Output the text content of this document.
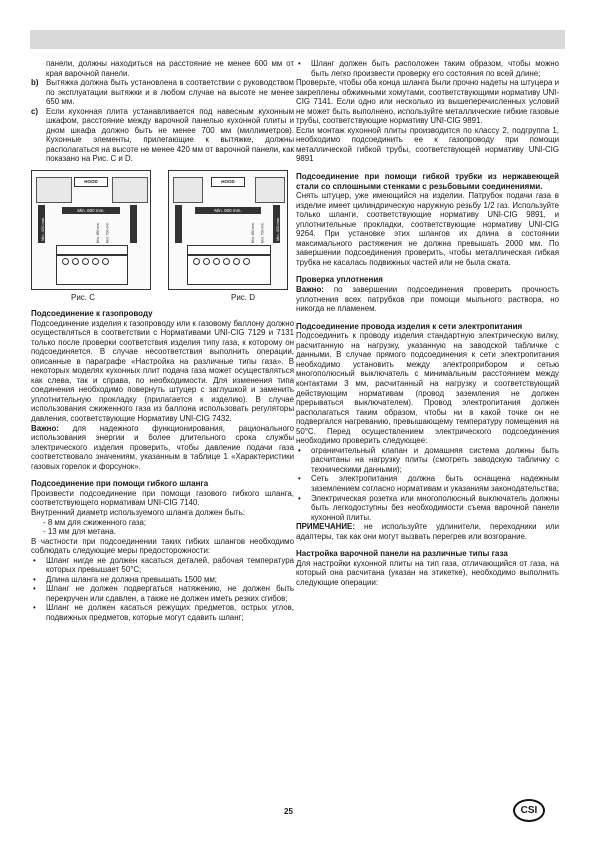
панели, должны находиться на расстояние не менее 600 мм от края варочной панели.

b) Вытяжка должна быть установлена в соответствии с руководством по эксплуатации вытяжки и в любом случае на высоте не менее 650 мм.
c) Если кухонная плита устанавливается под навесным кухонным шкафом, расстояние между варочной панелью кухонной плиты и дном шкафа должно быть не менее 700 мм (миллиметров). Кухонные элементы, прилегающие к вытяжке, должны располагаться на высоте не менее 420 мм от варочной панели, как показано на Рис. C и D.
HOOD
Min. 600 mm.
Min. 420 mm.	Min. 650 mm. Min. 700 mm.
Рис. C
HOOD
Min. 900 mm.
Min. 420 mm.
Min. 650 mm. Min. 700 mm.
Рис. D
Подсоединение к газопроводу

Подсоединение изделия к газопроводу или к газовому баллону должно осуществляться в соответствии с Нормативами UNI-CIG 7129 и 7131 только после проверки соответствия изделия типу газа, к которому он подсоединяется. В случае несоответствия выполнить операции, описанные в параграфе «Настройка на различные типы газа». В некоторых моделях кухонных плит подача газа может осуществляться как слева, так и справа, по необходимости. Для изменения типа соединения необходимо повернуть штуцер с заглушкой и заменить уплотнительную прокладку (прилагается к изделию). В случае использования сжиженного газа из баллона использовать регуляторы давления, соответствующие Нормативу UNI-CIG 7432.

Важно: для надежного функционирования, рационального использования энергии и более длительного срока службы электрического изделия проверить, чтобы давление подачи газа соответствовало значениям, указанным в таблице 1 «Характеристики газовых горелок и форсунок».

Подсоединение при помощи гибкого шланга

Произвести подсоединение при помощи газового гибкого шланга, соответствующего нормативам UNI-CIG 7140.

Внутренний диаметр используемого шланга должен быть:

- 8 мм для сжиженного газа;

- 13 мм для метана.

В частности при подсоединении таких гибких шлангов необходимо соблюдать следующие меры предосторожности:

• Шланг нигде не должен касаться деталей, рабочая температура которых превышает 50°C;
• Длина шланга не должна превышать 1500 мм;
• Шланг не должен подвергаться натяжению, не должен быть перекручен или сдавлен, а также не должен иметь резких сгибов;
• Шланг не должен касаться режущих предметов, острых углов, подвижных предметов, которые могут сдавить шланг;
• Шланг должен быть расположен таким образом, чтобы можно быть легко произвести проверку его состояния по всей длине;

Проверьте, чтобы оба конца шланга были прочно надеты на штуцера и закреплены обжимными хомутами, соответствующими нормативу UNI-CIG 7141. Если одно или несколько из вышеперечисленных условий не может быть выполнено, используйте металлические гибкие газовые трубы, соответствующие нормативу UNI-CIG 9891.

Если монтаж кухонной плиты производится по классу 2, подгруппа 1, необходимо подсоединить ее к газопроводу при помощи металлической гибкой трубы, соответствующей нормативу UNI-CIG 9891

Подсоединение при помощи гибкой трубки из нержавеющей стали со сплошными стенками с резьбовыми соединениями.

Снять штуцер, уже имеющийся на изделии. Патрубок подачи газа в изделие имеет цилиндрическую наружную резьбу 1/2 газ. Используйте только шланги, соответствующие нормативу UNI-CIG 9891, и уплотнительные прокладки, соответствующие нормативу UNI-CIG 9264. При установке этих шлангов их длина в состоянии максимального растяжения не должна превышать 2000 мм. По завершении подсоединения проверить, чтобы металлическая гибкая трубка не касалась подвижных частей или не была сжата.

Проверка уплотнения

Важно: по завершении подсоединения проверить прочность уплотнения всех патрубков при помощи мыльного раствора, но никогда не пламенем.

Подсоединение провода изделия к сети электропитания

Подсоединить к проводу изделия стандартную электрическую вилку, расчитанную на нагрузку, указанную на заводской табличке с данными. В случае прямого подсоединения к сети электропитания необходимо установить между электроприбором и сетью многополюсный выключатель с минимальным расстоянием между контактами 3 мм, расчитанный на нагрузку и соответствующий действующим нормативам (провод заземления не должен прерываться выключателем). Провод электропитания должен располагаться таким образом, чтобы ни в какой точке он не подвергался нагреванию, превышающему температуру помещения на 50°C. Перед осуществлением электрического подсоединения необходимо проверить следующее:

• ограничительный клапан и домашняя система должны быть расчитаны на нагрузку плиты (смотреть заводскую табличку с техническими данными);
• Сеть электропитания должна быть оснащена надежным заземлением согласно нормативам и указаниям законодательства;
• Электрическая розетка или многополюсный выключатель должны быть легкодоступны без необходимости съема варочной панели кухонной плиты.

ПРИМЕЧАНИЕ: не используйте удлинители, переходники или адаптеры, так как они могут вызвать перегрев или возгорание.

Настройка варочной панели на различные типы газа

Для настройки кухонной плиты на тип газа, отличающийся от газа, на который она расчитана (указан на этикетке), необходимо выполнить следующие операции:

25	CSI
